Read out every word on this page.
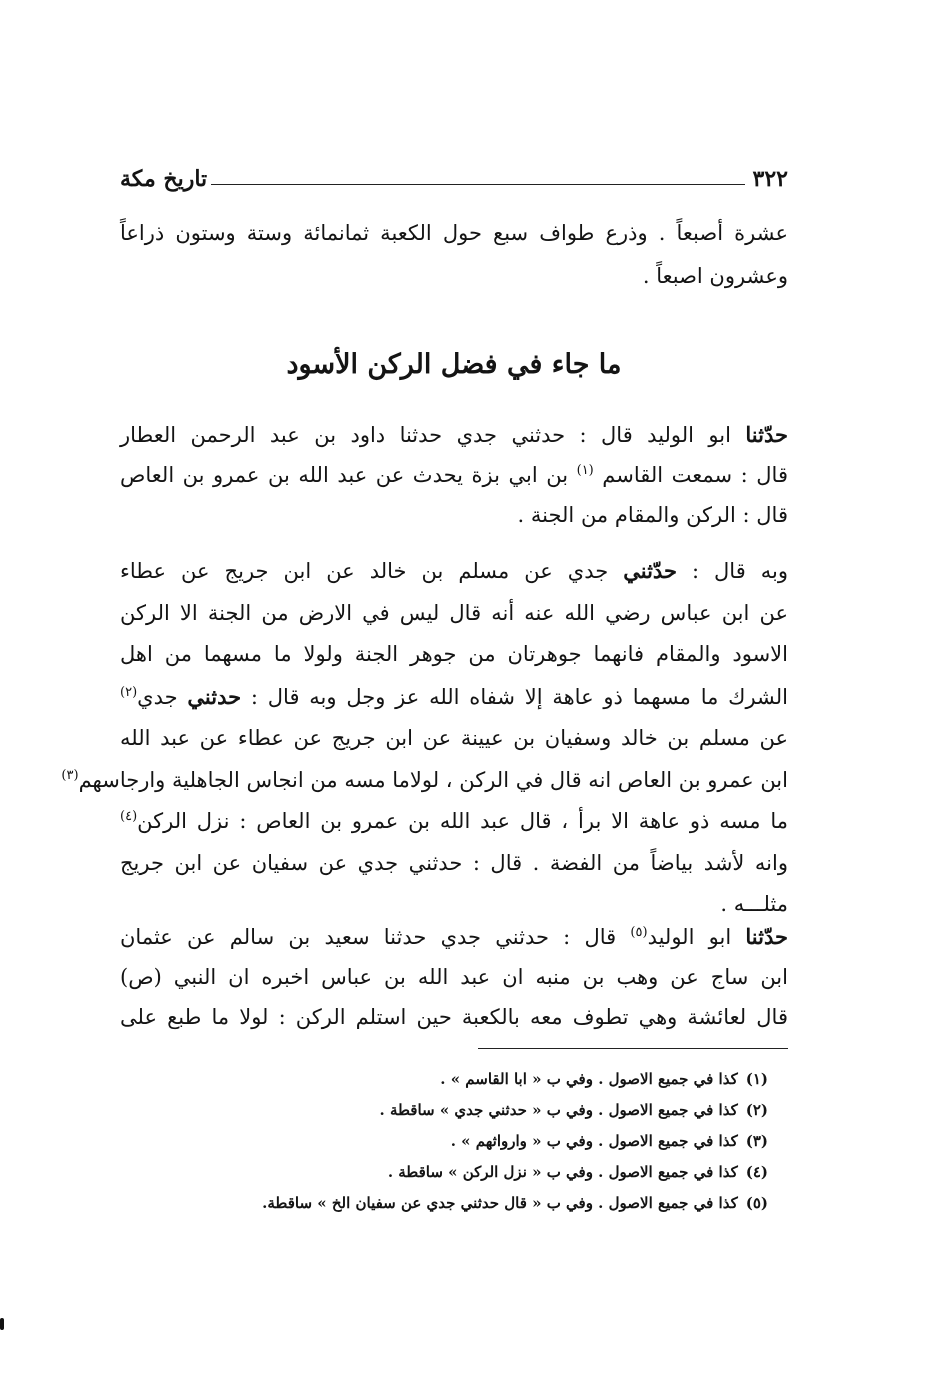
٣٢٢
تاريخ مكة
عشرة أصبعاً . وذرع طواف سبع حول الكعبة ثمانمائة وستة وستون ذراعاً
وعشرون اصبعاً .
ما جاء في فضل الركن الأسود
حدّثنا ابو الوليد قال : حدثني جدي حدثنا داود بن عبد الرحمن العطار
قال : سمعت القاسم $^{(١)}$ بن ابي بزة يحدث عن عبد الله بن عمرو بن العاص
قال : الركن والمقام من الجنة .
وبه قال : حدّثني جدي عن مسلم بن خالد عن ابن جريج عن عطاء
عن ابن عباس رضي الله عنه أنه قال ليس في الارض من الجنة الا الركن
الاسود والمقام فانهما جوهرتان من جوهر الجنة ولولا ما مسهما من اهل
الشرك ما مسهما ذو عاهة إلا شفاه الله عز وجل وبه قال : حدثني جدي$^{(٢)}$
عن مسلم بن خالد وسفيان بن عيينة عن ابن جريج عن عطاء عن عبد الله
ابن عمرو بن العاص انه قال في الركن ، لولاما مسه من انجاس الجاهلية وارجاسهم$^{(٣)}$
ما مسه ذو عاهة الا برأ ، قال عبد الله بن عمرو بن العاص : نزل الركن$^{(٤)}$
وانه لأشد بياضاً من الفضة . قال : حدثني جدي عن سفيان عن ابن جريج
مثلـــه .
حدّثنا ابو الوليد$^{(٥)}$ قال : حدثني جدي حدثنا سعيد بن سالم عن عثمان
ابن ساج عن وهب بن منبه ان عبد الله بن عباس اخبره ان النبي (ص)
قال لعائشة وهي تطوف معه بالكعبة حين استلم الركن : لولا ما طبع على
(١)كذا في جميع الاصول . وفي ب « ابا القاسم » .
(٢)كذا في جميع الاصول . وفي ب « حدثني جدي » ساقطة .
(٣)كذا في جميع الاصول . وفي ب « وارواثهم » .
(٤)كذا في جميع الاصول . وفي ب « نزل الركن » ساقطة .
(٥)كذا في جميع الاصول . وفي ب « قال حدثني جدي عن سفيان الخ » ساقطة.
